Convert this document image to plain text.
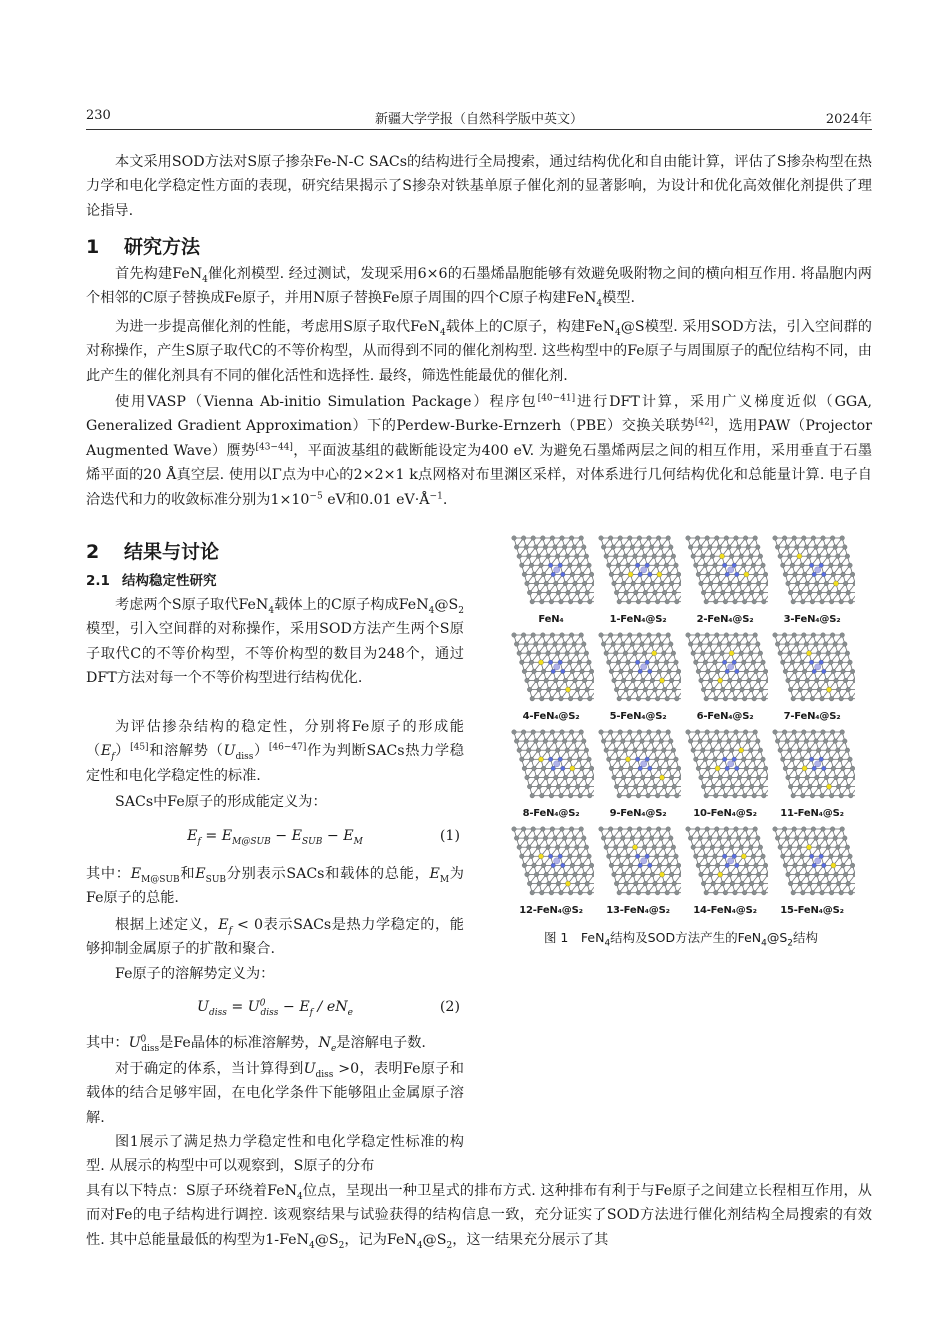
230	新疆大学学报（自然科学版中英文）	2024年

本文采用SOD方法对S原子掺杂Fe-N-C SACs的结构进行全局搜索，通过结构优化和自由能计算，评估了S掺杂构型在热力学和电化学稳定性方面的表现，研究结果揭示了S掺杂对铁基单原子催化剂的显著影响，为设计和优化高效催化剂提供了理论指导.

1 研究方法

首先构建FeN$_4$催化剂模型. 经过测试，发现采用6×6的石墨烯晶胞能够有效避免吸附物之间的横向相互作用. 将晶胞内两个相邻的C原子替换成Fe原子，并用N原子替换Fe原子周围的四个C原子构建FeN$_4$模型.

为进一步提高催化剂的性能，考虑用S原子取代FeN$_4$载体上的C原子，构建FeN$_4$@S模型. 采用SOD方法，引入空间群的对称操作，产生S原子取代C的不等价构型，从而得到不同的催化剂构型. 这些构型中的Fe原子与周围原子的配位结构不同，由此产生的催化剂具有不同的催化活性和选择性. 最终，筛选性能最优的催化剂.

使用VASP（Vienna Ab-initio Simulation Package）程序包[40−41]进行DFT计算，采用广义梯度近似（GGA, Generalized Gradient Approximation）下的Perdew-Burke-Ernzerh（PBE）交换关联势[42]，选用PAW（Projector Augmented Wave）赝势[43−44]，平面波基组的截断能设定为400 eV. 为避免石墨烯两层之间的相互作用，采用垂直于石墨烯平面的20 Å真空层. 使用以Γ点为中心的2×2×1 k点网格对布里渊区采样，对体系进行几何结构优化和总能量计算. 电子自洽迭代和力的收敛标准分别为$1\times 10^{-5}$ eV和0.01 $eV\cdot Å^{-1}$.

2 结果与讨论
2.1 结构稳定性研究

考虑两个S原子取代FeN$_4$载体上的C原子构成$FeN_4@S_2$模型，引入空间群的对称操作，采用SOD方法产生两个S原子取代C的不等价构型，不等价构型的数目为248个，通过DFT方法对每一个不等价构型进行结构优化.

为评估掺杂结构的稳定性，分别将Fe原子的形成能$(E_f)[45]$和溶解势$(U_{diss})[46-47]$作为判断SACs热力学稳定性和电化学稳定性的标准.

SACs中Fe原子的形成能定义为：

$E_f = E_{M@SUB} - E_{SUB} - E_M$	(1)

其中：$E_{M@SUB}$和$E_{SUB}$分别表示SACs和载体的总能，$E_M$为Fe原子的总能.

根据上述定义，$E_f < 0$表示SACs是热力学稳定的，能够抑制金属原子的扩散和聚合.

Fe原子的溶解势定义为：

$U_{diss} = U^0_{diss} - E_f / eN_e$	(2)

其中：$U^0_{diss}$是Fe晶体的标准溶解势，$N_e$是溶解电子数.

对于确定的体系，当计算得到$U_{diss} >0$，表明Fe原子和载体的结合足够牢固，在电化学条件下能够阻止金属原子溶解.

图1展示了满足热力学稳定性和电化学稳定性标准的构型. 从展示的构型中可以观察到，S原子的分布

具有以下特点：S原子环绕着FeN$_4$位点，呈现出一种卫星式的排布方式. 这种排布有利于与Fe原子之间建立长程相互作用，从而对Fe的电子结构进行调控. 该观察结果与试验获得的结构信息一致，充分证实了SOD方法进行催化剂结构全局搜索的有效性. 其中总能量最低的构型为$1-FeN_4@S_2$，记为$FeN_4@S_2$，这一结果充分展示了其

FeN₄	1-FeN₄@S₂	2-FeN₄@S₂	3-FeN₄@S₂
4-FeN₄@S₂	5-FeN₄@S₂	6-FeN₄@S₂	7-FeN₄@S₂
8-FeN₄@S₂	9-FeN₄@S₂	10-FeN₄@S₂	11-FeN₄@S₂
12-FeN₄@S₂	13-FeN₄@S₂	14-FeN₄@S₂	15-FeN₄@S₂
图 1　FeN$_4$结构及SOD方法产生的$FeN_4@S_2$结构
